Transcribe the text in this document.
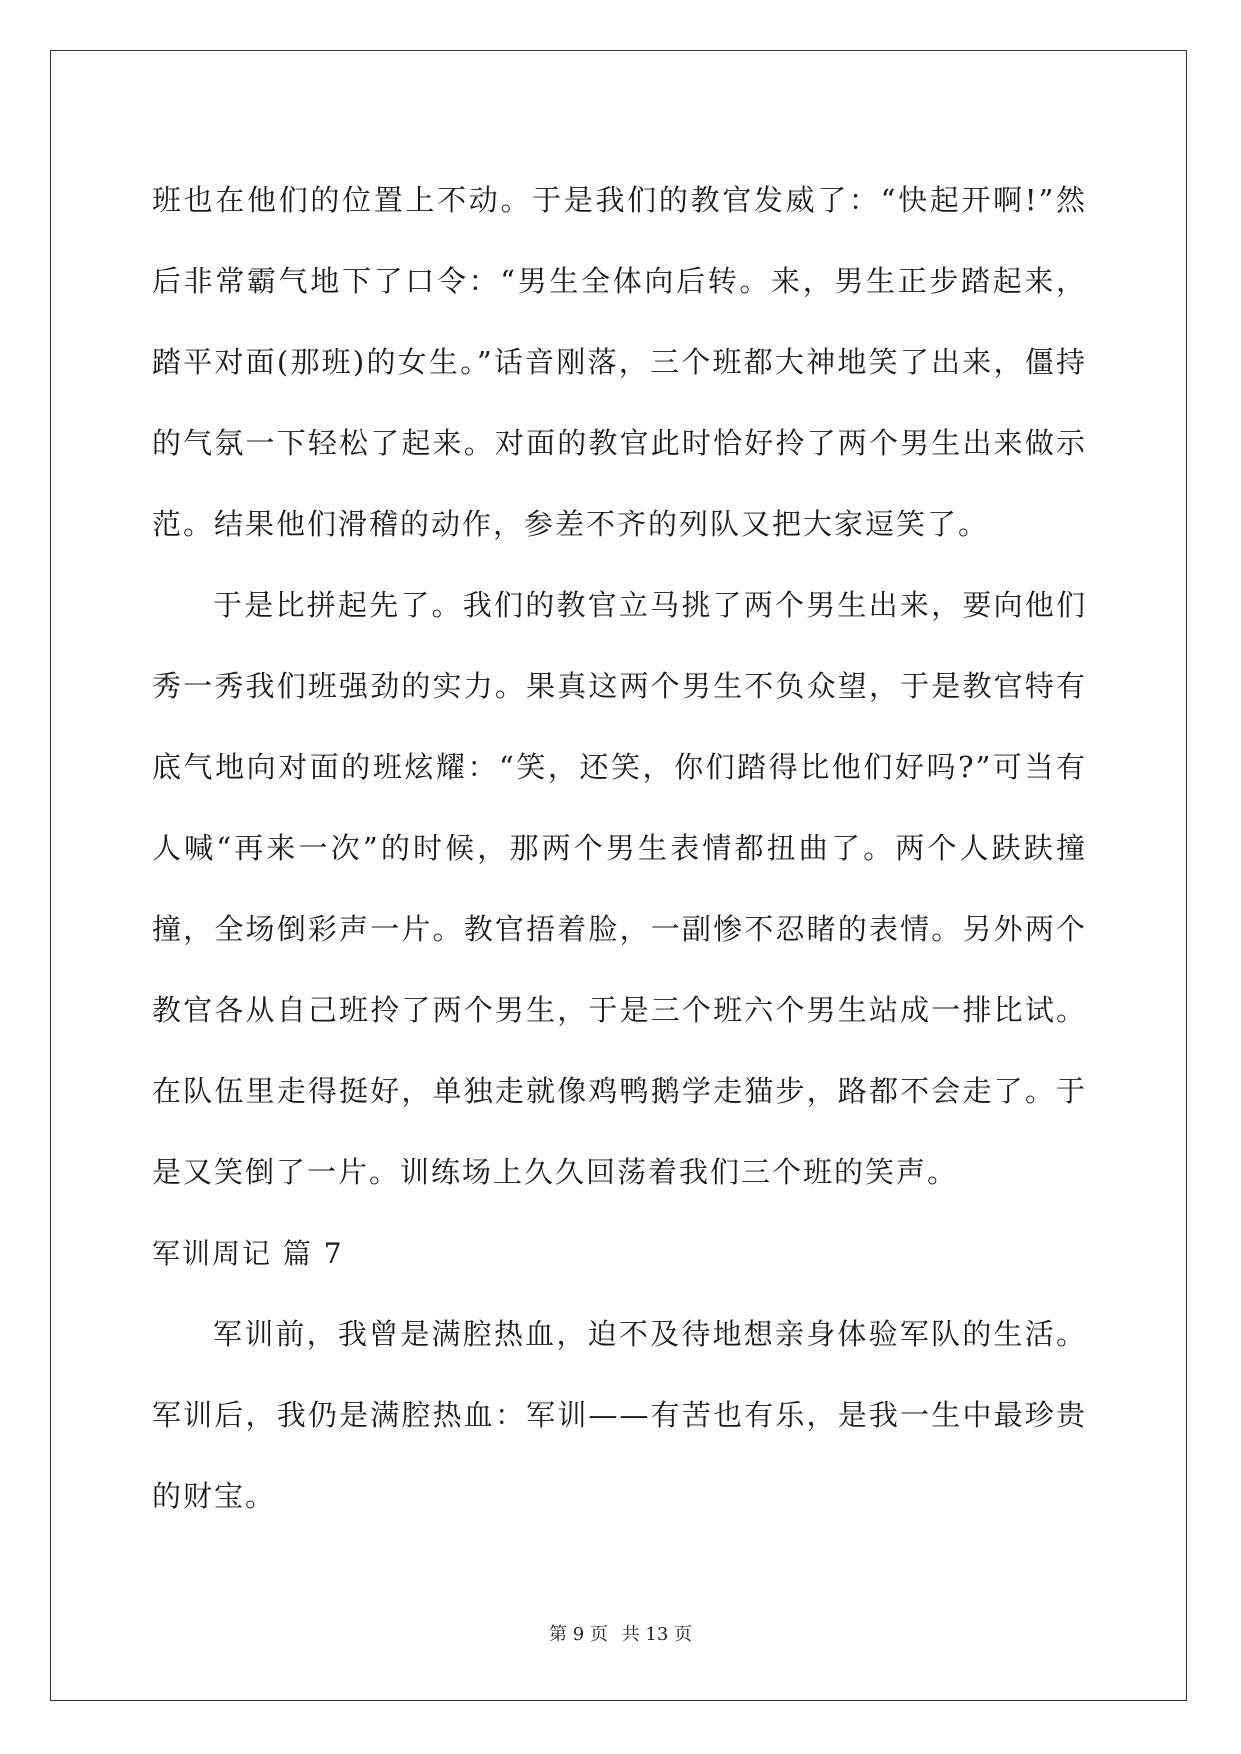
班也在他们的位置上不动。于是我们的教官发威了：“快起开啊!”然后非常霸气地下了口令：“男生全体向后转。来，男生正步踏起来，踏平对面(那班)的女生。”话音刚落，三个班都大神地笑了出来，僵持的气氛一下轻松了起来。对面的教官此时恰好拎了两个男生出来做示范。结果他们滑稽的动作，参差不齐的列队又把大家逗笑了。

于是比拼起先了。我们的教官立马挑了两个男生出来，要向他们秀一秀我们班强劲的实力。果真这两个男生不负众望，于是教官特有底气地向对面的班炫耀：“笑，还笑，你们踏得比他们好吗?”可当有人喊“再来一次”的时候，那两个男生表情都扭曲了。两个人趺趺撞撞，全场倒彩声一片。教官捂着脸，一副惨不忍睹的表情。另外两个教官各从自己班拎了两个男生，于是三个班六个男生站成一排比试。在队伍里走得挺好，单独走就像鸡鸭鹅学走猫步，路都不会走了。于是又笑倒了一片。训练场上久久回荡着我们三个班的笑声。

军训周记 篇 7

军训前，我曾是满腔热血，迫不及待地想亲身体验军队的生活。军训后，我仍是满腔热血：军训——有苦也有乐，是我一生中最珍贵的财宝。

第 9 页 共 13 页
